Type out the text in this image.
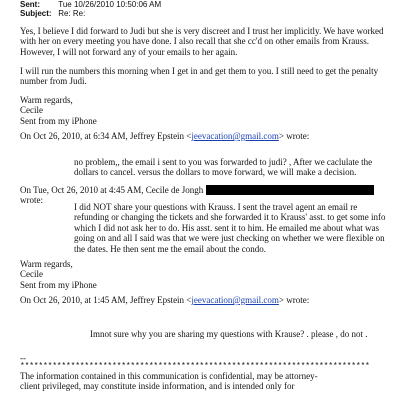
Sent: Tue 10/26/2010 10:50:06 AM
Subject: Re: Re:

Yes, I believe I did forward to Judi but she is very discreet and I trust her implicitly. We have worked with her on every meeting you have done. I also recall that she cc'd on other emails from Krauss. However, I will not forward any of your emails to her again.

I will run the numbers this morning when I get in and get them to you. I still need to get the penalty number from Judi.

Warm regards,
Cecile
Sent from my iPhone
On Oct 26, 2010, at 6:34 AM, Jeffrey Epstein <jeevacation@gmail.com> wrote:

no problem,, the email i sent to you was forwarded to judi? , After we caclulate the dollars to cancel. versus the dollars to move forward, we will make a decision.

On Tue, Oct 26, 2010 at 4:45 AM, Cecile de Jonghwrote:

I did NOT share your questions with Krauss. I sent the travel agent an email re refunding or changing the tickets and she forwarded it to Krauss' asst. to get some info which I did not ask her to do. His asst. sent it to him. He emailed me about what was going on and all I said was that we were just checking on whether we were flexible on the dates. He then sent me the email about the condo.

Warm regards,
Cecile
Sent from my iPhone
On Oct 26, 2010, at 1:45 AM, Jeffrey Epstein <jeevacation@gmail.com> wrote:

Imnot sure why you are sharing my questions with Krause? . please , do not .

--
****************************************************************************

The information contained in this communication is confidential, may be attorney-client privileged, may constitute inside information, and is intended only for
